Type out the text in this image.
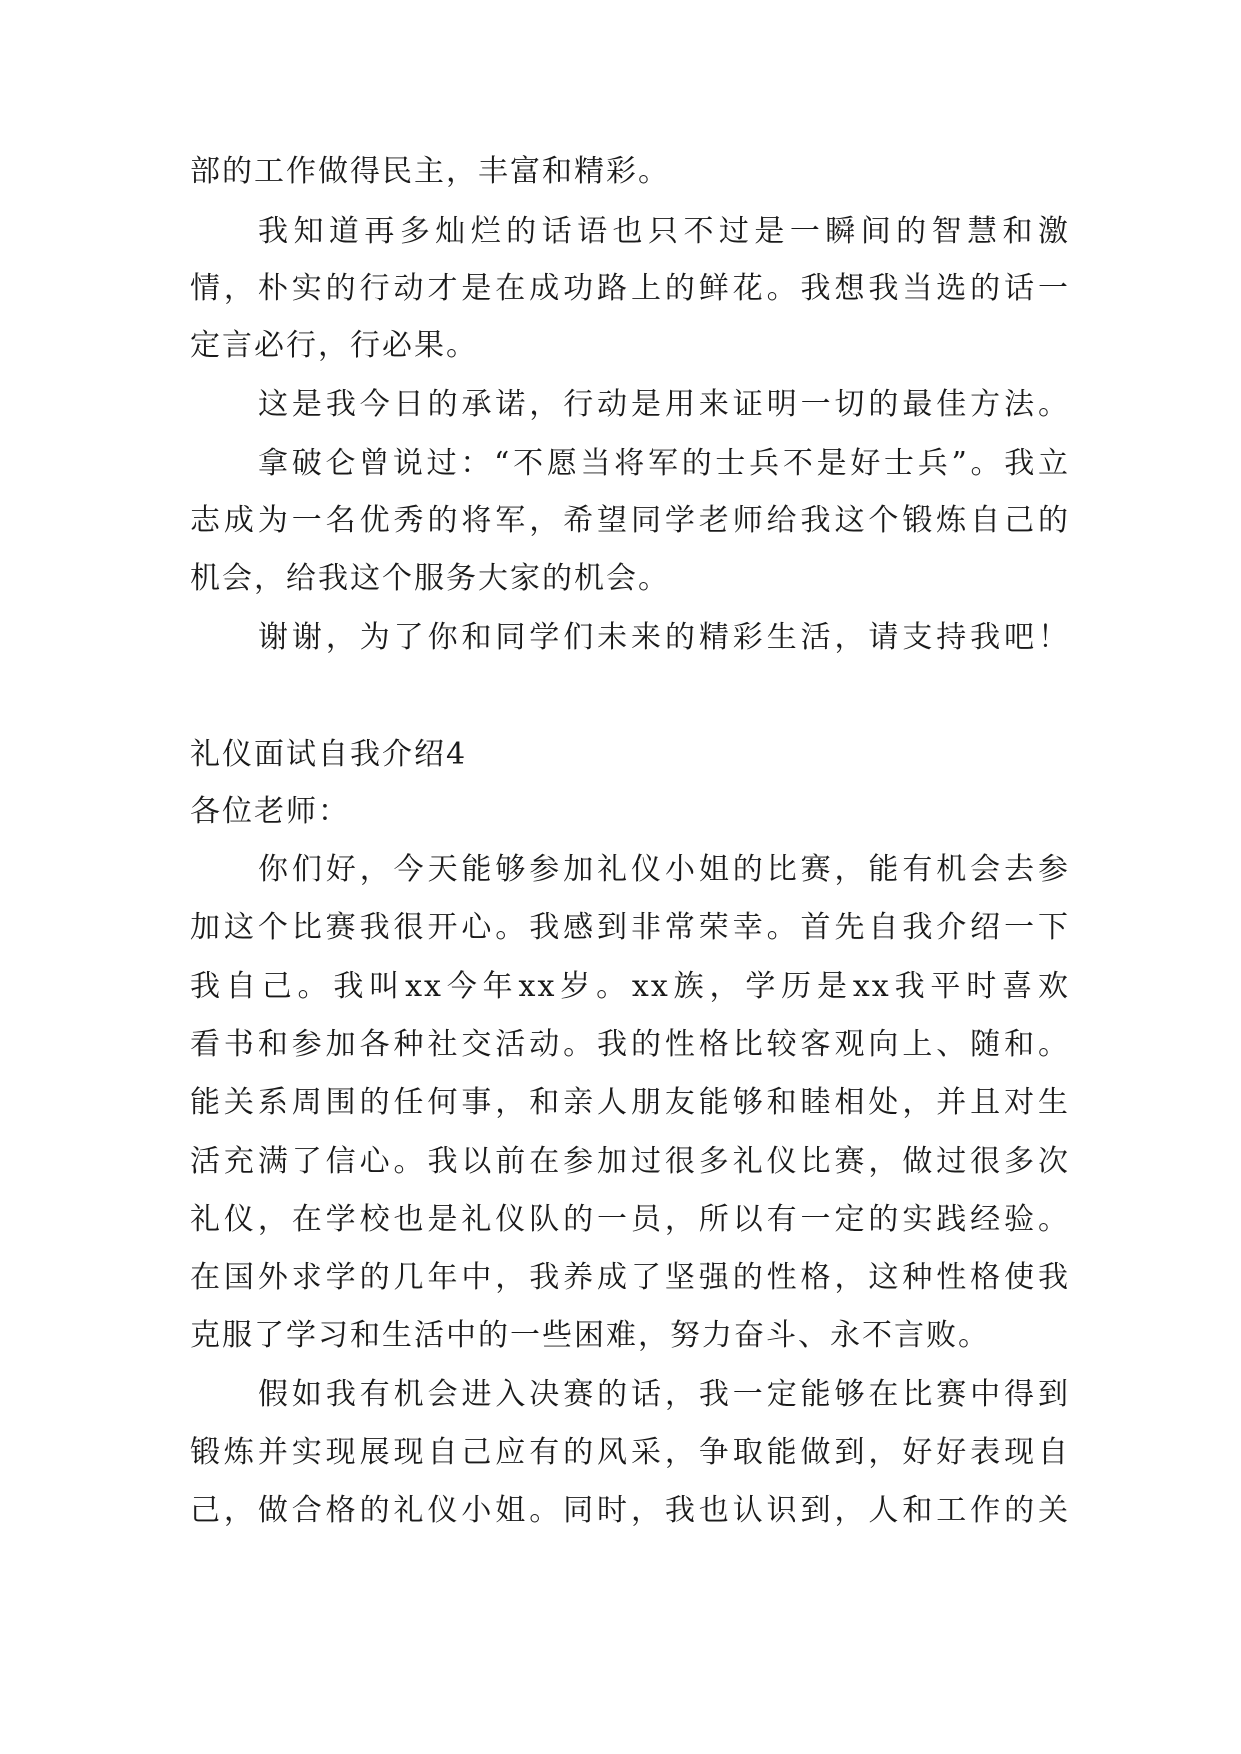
部的工作做得民主，丰富和精彩。
我知道再多灿烂的话语也只不过是一瞬间的智慧和激
情，朴实的行动才是在成功路上的鲜花。我想我当选的话一
定言必行，行必果。
这是我今日的承诺，行动是用来证明一切的最佳方法。
拿破仑曾说过：“不愿当将军的士兵不是好士兵”。我立
志成为一名优秀的将军，希望同学老师给我这个锻炼自己的
机会，给我这个服务大家的机会。
谢谢，为了你和同学们未来的精彩生活，请支持我吧！
礼仪面试自我介绍4
各位老师：
你们好，今天能够参加礼仪小姐的比赛，能有机会去参
加这个比赛我很开心。我感到非常荣幸。首先自我介绍一下
我自己。我叫xx今年xx岁。xx族，学历是xx我平时喜欢
看书和参加各种社交活动。我的性格比较客观向上、随和。
能关系周围的任何事，和亲人朋友能够和睦相处，并且对生
活充满了信心。我以前在参加过很多礼仪比赛，做过很多次
礼仪，在学校也是礼仪队的一员，所以有一定的实践经验。
在国外求学的几年中，我养成了坚强的性格，这种性格使我
克服了学习和生活中的一些困难，努力奋斗、永不言败。
假如我有机会进入决赛的话，我一定能够在比赛中得到
锻炼并实现展现自己应有的风采，争取能做到，好好表现自
己，做合格的礼仪小姐。同时，我也认识到，人和工作的关
